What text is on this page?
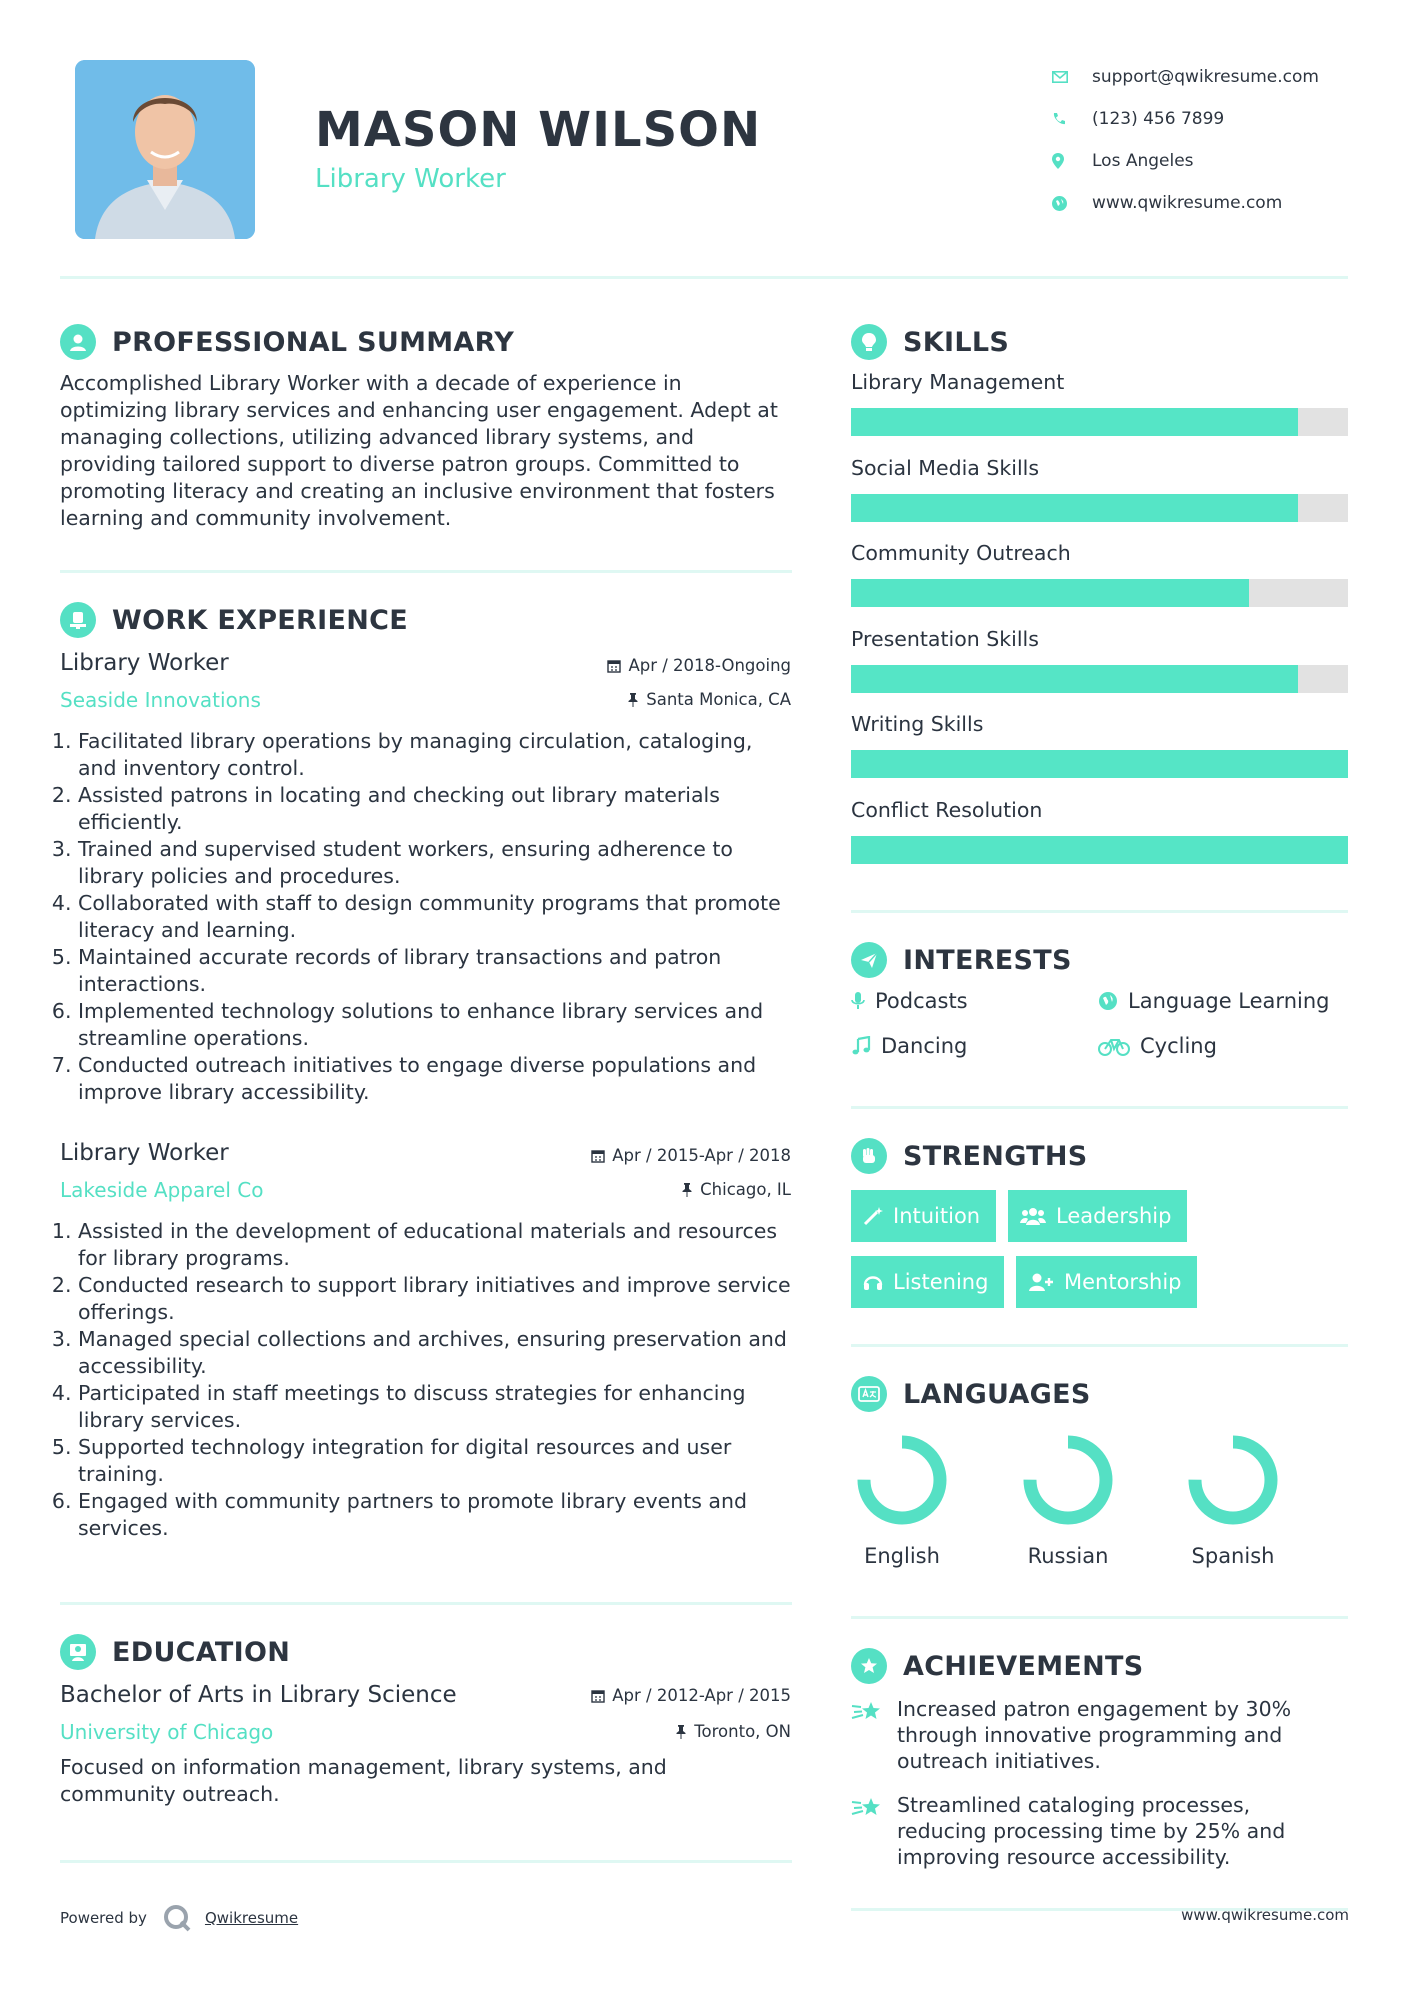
MASON WILSON
Library Worker
support@qwikresume.com
(123) 456 7899
Los Angeles
www.qwikresume.com
PROFESSIONAL SUMMARY
Accomplished Library Worker with a decade of experience in optimizing library services and enhancing user engagement. Adept at managing collections, utilizing advanced library systems, and providing tailored support to diverse patron groups. Committed to promoting literacy and creating an inclusive environment that fosters learning and community involvement.
WORK EXPERIENCE
Library Worker	Apr / 2018-Ongoing
Seaside Innovations	Santa Monica, CA
1. Facilitated library operations by managing circulation, cataloging, and inventory control.
2. Assisted patrons in locating and checking out library materials efficiently.
3. Trained and supervised student workers, ensuring adherence to library policies and procedures.
4. Collaborated with staff to design community programs that promote literacy and learning.
5. Maintained accurate records of library transactions and patron interactions.
6. Implemented technology solutions to enhance library services and streamline operations.
7. Conducted outreach initiatives to engage diverse populations and improve library accessibility.
Library Worker	Apr / 2015-Apr / 2018
Lakeside Apparel Co	Chicago, IL
1. Assisted in the development of educational materials and resources for library programs.
2. Conducted research to support library initiatives and improve service offerings.
3. Managed special collections and archives, ensuring preservation and accessibility.
4. Participated in staff meetings to discuss strategies for enhancing library services.
5. Supported technology integration for digital resources and user training.
6. Engaged with community partners to promote library events and services.
EDUCATION
Bachelor of Arts in Library Science	Apr / 2012-Apr / 2015
University of Chicago	Toronto, ON
Focused on information management, library systems, and community outreach.
SKILLS
Library Management
Social Media Skills
Community Outreach
Presentation Skills
Writing Skills
Conflict Resolution
INTERESTS
Podcasts	Language Learning
Dancing	Cycling
STRENGTHS
Intuition	Leadership
Listening	Mentorship
LANGUAGES
English	Russian	Spanish
ACHIEVEMENTS
Increased patron engagement by 30% through innovative programming and outreach initiatives.
Streamlined cataloging processes, reducing processing time by 25% and improving resource accessibility.
Powered by	Qwikresume	www.qwikresume.com
